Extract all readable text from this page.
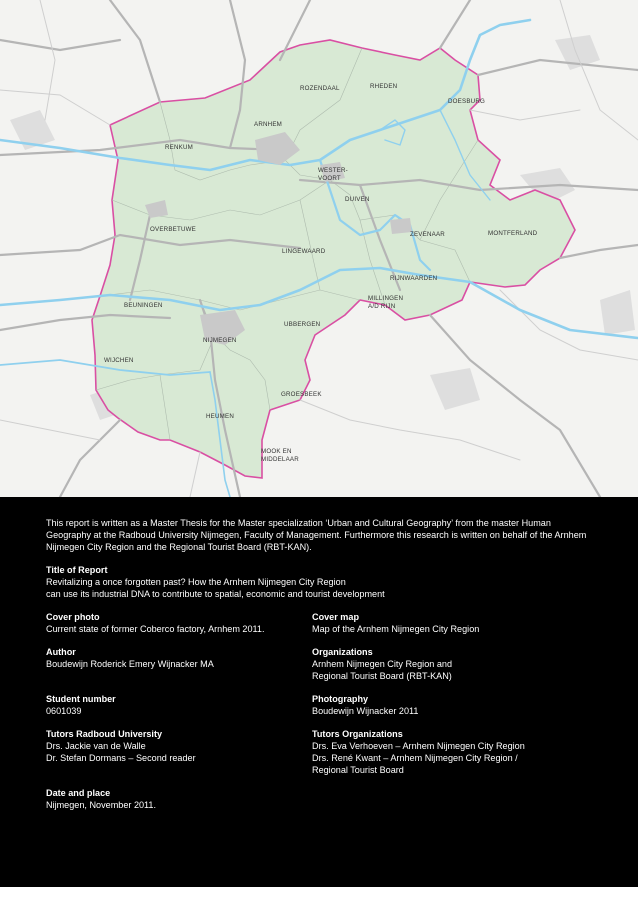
ROZENDAAL	RHEDEN
DOESBURG
ARNHEM
RENKUM
WESTER-
VOORT
DUIVEN
OVERBETUWE
ZEVENAAR	MONTFERLAND
LINGEWAARD
RIJNWAARDEN
MILLINGEN
A/D RIJN
BEUNINGEN
UBBERGEN
NIJMEGEN
WIJCHEN
GROESBEEK
HEUMEN
MOOK EN
MIDDELAAR

This report is written as a Master Thesis for the Master specialization ‘Urban and Cultural Geography’ from the master Human Geography at the Radboud University Nijmegen, Faculty of Management. Furthermore this research is written on behalf of the Arnhem Nijmegen City Region and the Regional Tourist Board (RBT-KAN).

Title of Report
Revitalizing a once forgotten past? How the Arnhem Nijmegen City Region
can use its industrial DNA to contribute to spatial, economic and tourist development
Cover photo
Current state of former Coberco factory, Arnhem 2011.
Author
Boudewijn Roderick Emery Wijnacker MA
Student number
0601039
Tutors Radboud University
Drs. Jackie van de Walle
Dr. Stefan Dormans – Second reader
Date and place
Nijmegen, November 2011.
Cover map
Map of the Arnhem Nijmegen City Region
Organizations
Arnhem Nijmegen City Region and
Regional Tourist Board (RBT-KAN)
Photography
Boudewijn Wijnacker 2011
Tutors Organizations
Drs. Eva Verhoeven – Arnhem Nijmegen City Region
Drs. René Kwant – Arnhem Nijmegen City Region /
Regional Tourist Board
